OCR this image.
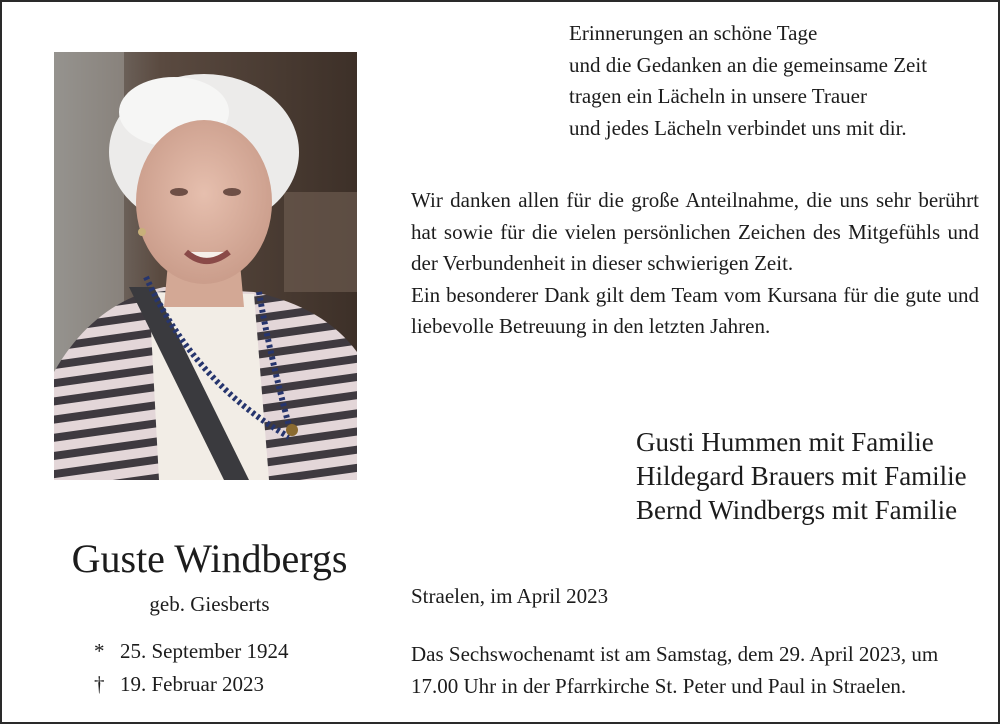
Erinnerungen an schöne Tage
und die Gedanken an die gemeinsame Zeit
tragen ein Lächeln in unsere Trauer
und jedes Lächeln verbindet uns mit dir.

Wir danken allen für die große Anteilnahme, die uns sehr berührt hat sowie für die vielen persönlichen Zeichen des Mitgefühls und der Verbundenheit in dieser schwierigen Zeit.

Ein besonderer Dank gilt dem Team vom Kursana für die gute und liebevolle Betreuung in den letzten Jahren.

Gusti Hummen mit Familie
Hildegard Brauers mit Familie
Bernd Windbergs mit Familie
Guste Windbergs
geb. Giesberts
* 25. September 1924
† 19. Februar 2023
Straelen, im April 2023
Das Sechswochenamt ist am Samstag, dem 29. April 2023, um
17.00 Uhr in der Pfarrkirche St. Peter und Paul in Straelen.
